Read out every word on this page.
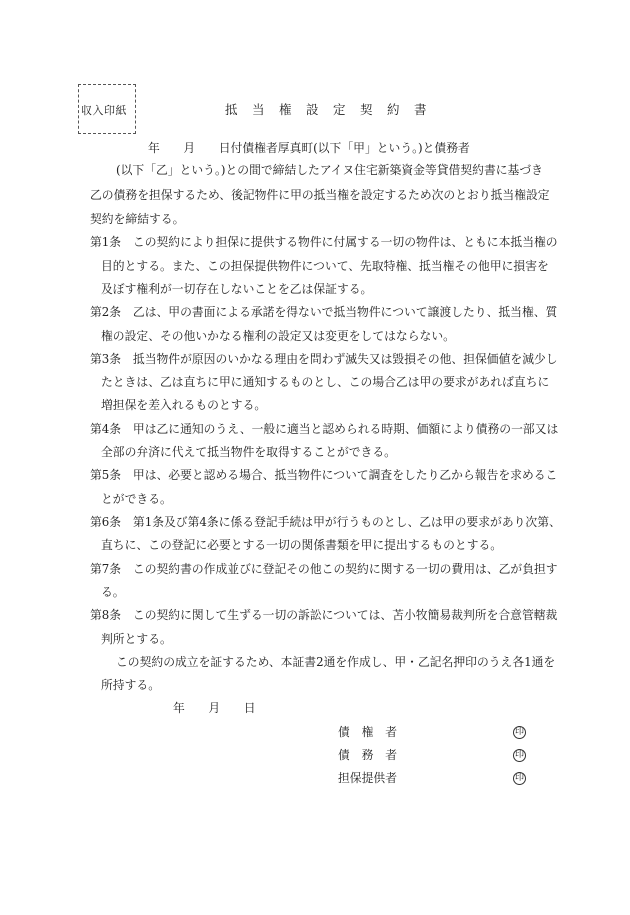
収入印紙	抵　当　権　設　定　契　約　書
年　　月　　日付債権者厚真町(以下「甲」という。)と債務者
(以下「乙」という。)との間で締結したアイヌ住宅新築資金等貸借契約書に基づき
乙の債務を担保するため、後記物件に甲の抵当権を設定するため次のとおり抵当権設定
契約を締結する。
第1条　この契約により担保に提供する物件に付属する一切の物件は、ともに本抵当権の
目的とする。また、この担保提供物件について、先取特権、抵当権その他甲に損害を
及ぼす権利が一切存在しないことを乙は保証する。
第2条　乙は、甲の書面による承諾を得ないで抵当物件について譲渡したり、抵当権、質
権の設定、その他いかなる権利の設定又は変更をしてはならない。
第3条　抵当物件が原因のいかなる理由を問わず滅失又は毀損その他、担保価値を減少し
たときは、乙は直ちに甲に通知するものとし、この場合乙は甲の要求があれば直ちに
増担保を差入れるものとする。
第4条　甲は乙に通知のうえ、一般に適当と認められる時期、価額により債務の一部又は
全部の弁済に代えて抵当物件を取得することができる。
第5条　甲は、必要と認める場合、抵当物件について調査をしたり乙から報告を求めるこ
とができる。
第6条　第1条及び第4条に係る登記手続は甲が行うものとし、乙は甲の要求があり次第、
直ちに、この登記に必要とする一切の関係書類を甲に提出するものとする。
第7条　この契約書の作成並びに登記その他この契約に関する一切の費用は、乙が負担す
る。
第8条　この契約に関して生ずる一切の訴訟については、苫小牧簡易裁判所を合意管轄裁
判所とする。
この契約の成立を証するため、本証書2通を作成し、甲・乙記名押印のうえ各1通を
所持する。
年　　月　　日
債　権　者	印
債　務　者	印
担保提供者	印
